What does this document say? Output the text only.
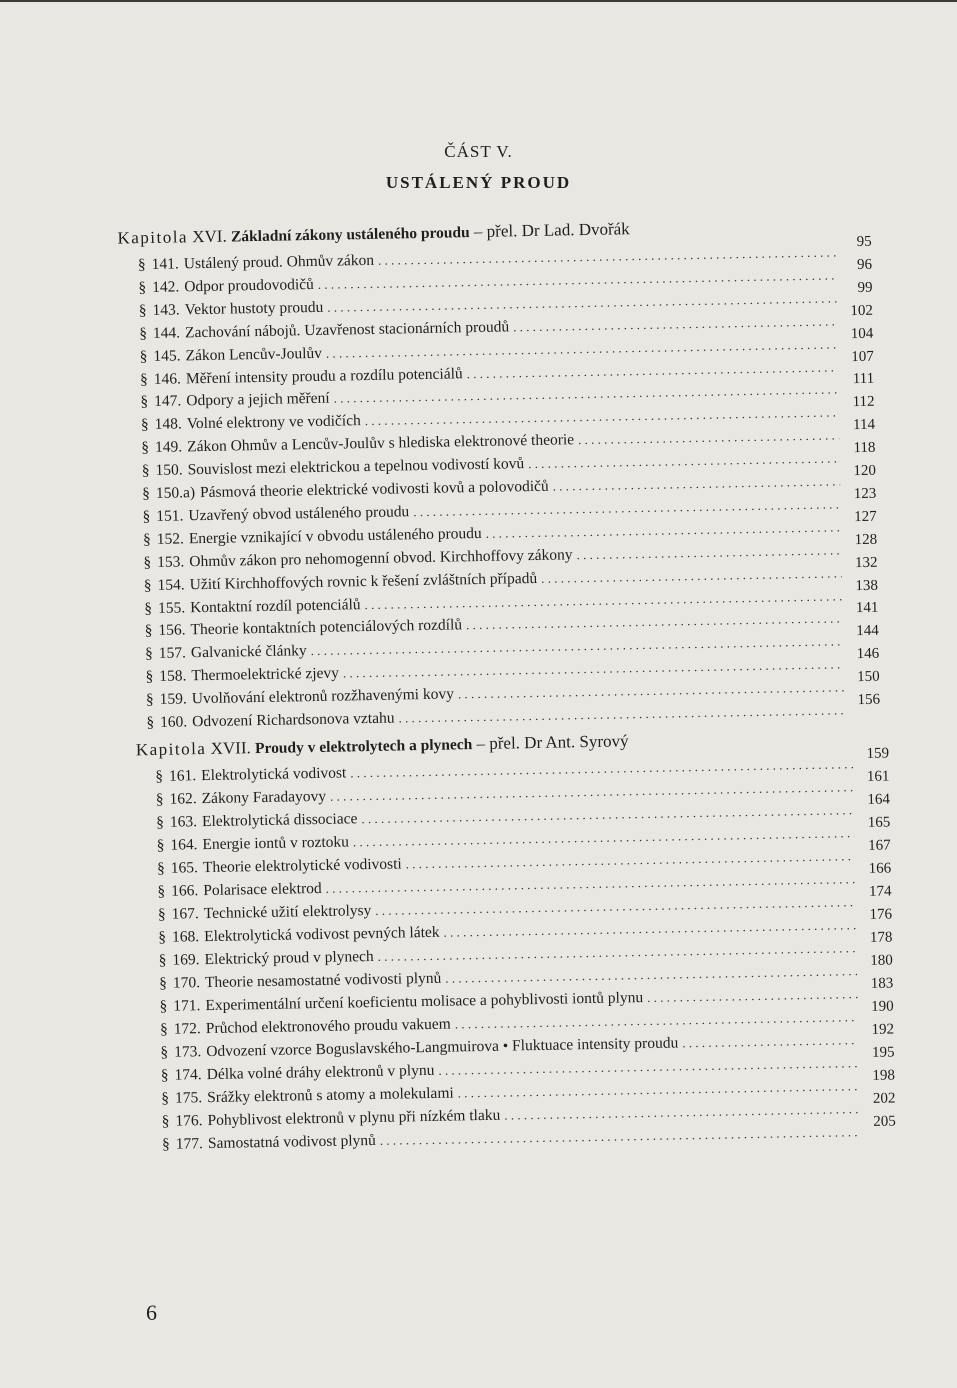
ČÁST V.
USTÁLENÝ PROUD
Kapitola XVI. Základní zákony ustáleného proudu – přel. Dr Lad. Dvořák
§ 141. Ustálený proud. Ohmův zákon
. . .
95
§ 142. Odpor proudovodičů
. . .
96
§ 143. Vektor hustoty proudu
. . .
99
§ 144. Zachování nábojů. Uzavřenost stacionárních proudů
. . .
102
§ 145. Zákon Lencův-Joulův
. . .
104
§ 146. Měření intensity proudu a rozdílu potenciálů
. . .
107
§ 147. Odpory a jejich měření
. . .
111
§ 148. Volné elektrony ve vodičích
. . .
112
§ 149. Zákon Ohmův a Lencův-Joulův s hlediska elektronové theorie
. . .
114
§ 150. Souvislost mezi elektrickou a tepelnou vodivostí kovů
. . .
118
§ 150.a) Pásmová theorie elektrické vodivosti kovů a polovodičů
. . .
120
§ 151. Uzavřený obvod ustáleného proudu
. . .
123
§ 152. Energie vznikající v obvodu ustáleného proudu
. . .
127
§ 153. Ohmův zákon pro nehomogenní obvod. Kirchhoffovy zákony
. . .
128
§ 154. Užití Kirchhoffových rovnic k řešení zvláštních případů
. . .
132
§ 155. Kontaktní rozdíl potenciálů
. . .
138
§ 156. Theorie kontaktních potenciálových rozdílů
. . .
141
§ 157. Galvanické články
. . .
144
§ 158. Thermoelektrické zjevy
. . .
146
§ 159. Uvolňování elektronů rozžhavenými kovy
. . .
150
§ 160. Odvození Richardsonova vztahu
. . .
156
Kapitola XVII. Proudy v elektrolytech a plynech – přel. Dr Ant. Syrový
§ 161. Elektrolytická vodivost
. . .
159
§ 162. Zákony Faradayovy
. . .
161
§ 163. Elektrolytická dissociace
. . .
164
§ 164. Energie iontů v roztoku
. . .
165
§ 165. Theorie elektrolytické vodivosti
. . .
167
§ 166. Polarisace elektrod
. . .
166
§ 167. Technické užití elektrolysy
. . .
174
§ 168. Elektrolytická vodivost pevných látek
. . .
176
§ 169. Elektrický proud v plynech
. . .
178
§ 170. Theorie nesamostatné vodivosti plynů
. . .
180
§ 171. Experimentální určení koeficientu molisace a pohyblivosti iontů plynu
. . .
183
§ 172. Průchod elektronového proudu vakuem
. . .
190
§ 173. Odvození vzorce Boguslavského-Langmuirova • Fluktuace intensity proudu
. . .
192
§ 174. Délka volné dráhy elektronů v plynu
. . .
195
§ 175. Srážky elektronů s atomy a molekulami
. . .
198
§ 176. Pohyblivost elektronů v plynu při nízkém tlaku
. . .
202
§ 177. Samostatná vodivost plynů
. . .
205
6
